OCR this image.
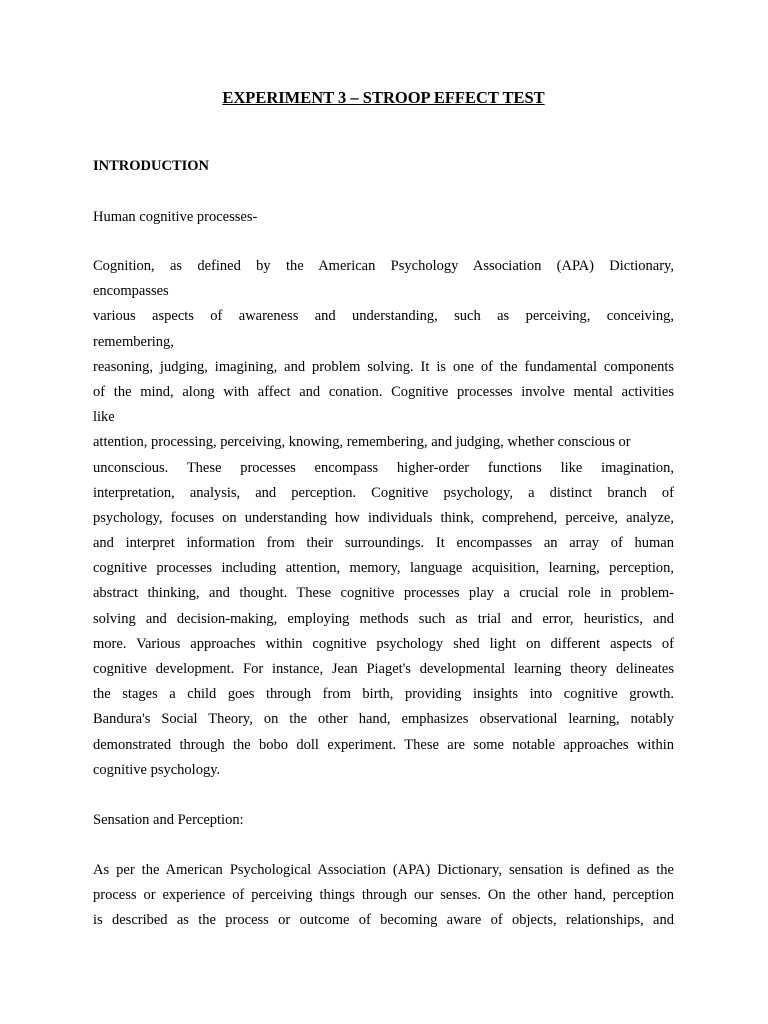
EXPERIMENT 3 – STROOP EFFECT TEST
INTRODUCTION
Human cognitive processes-
Cognition, as defined by the American Psychology Association (APA) Dictionary,
encompasses
various aspects of awareness and understanding, such as perceiving, conceiving,
remembering,
reasoning, judging, imagining, and problem solving. It is one of the fundamental components
of the mind, along with affect and conation. Cognitive processes involve mental activities
like
attention, processing, perceiving, knowing, remembering, and judging, whether conscious or
unconscious. These processes encompass higher-order functions like imagination,
interpretation, analysis, and perception. Cognitive psychology, a distinct branch of
psychology, focuses on understanding how individuals think, comprehend, perceive, analyze,
and interpret information from their surroundings. It encompasses an array of human
cognitive processes including attention, memory, language acquisition, learning, perception,
abstract thinking, and thought. These cognitive processes play a crucial role in problem-
solving and decision-making, employing methods such as trial and error, heuristics, and
more. Various approaches within cognitive psychology shed light on different aspects of
cognitive development. For instance, Jean Piaget's developmental learning theory delineates
the stages a child goes through from birth, providing insights into cognitive growth.
Bandura's Social Theory, on the other hand, emphasizes observational learning, notably
demonstrated through the bobo doll experiment. These are some notable approaches within
cognitive psychology.
Sensation and Perception:
As per the American Psychological Association (APA) Dictionary, sensation is defined as the
process or experience of perceiving things through our senses. On the other hand, perception
is described as the process or outcome of becoming aware of objects, relationships, and
